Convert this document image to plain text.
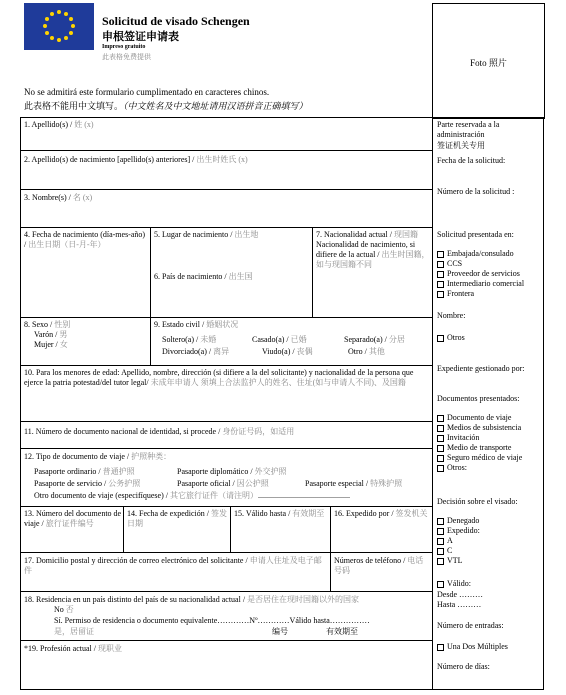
Solicitud de visado Schengen
申根签证申请表
Impreso gratuito
此表格免费提供
Foto 照片
No se admitirá este formulario cumplimentado en caracteres chinos.
此表格不能用中文填写。（中文姓名及中文地址请用汉语拼音正确填写）
1. Apellido(s) / 姓 (x)
2. Apellido(s) de nacimiento [apellido(s) anteriores] / 出生时姓氏 (x)
3. Nombre(s) / 名 (x)
4. Fecha de nacimiento (día-mes-año) / 出生日期（日-月-年）
5. Lugar de nacimiento / 出生地
6. País de nacimiento / 出生国
7. Nacionalidad actual / 现国籍
Nacionalidad de nacimiento, si difiere de la actual / 出生时国籍，如与现国籍不同
8. Sexo / 性别
Varón / 男
Mujer / 女
9. Estado civil / 婚姻状况
Soltero(a) / 未婚	Casado(a) / 已婚	Separado(a) / 分居
Divorciado(a) / 离异	Viudo(a) / 丧偶	Otro / 其他
10. Para los menores de edad: Apellido, nombre, dirección (si difiere a la del solicitante) y nacionalidad de la persona que ejerce la patria potestad/del tutor legal/ 未成年申请人 须填上合法监护人的姓名、住址(如与申请人不同)、及国籍
11. Número de documento nacional de identidad, si procede / 身份证号码，如适用
12. Tipo de documento de viaje / 护照种类：
Pasaporte ordinario / 普通护照	Pasaporte diplomático / 外交护照
Pasaporte de servicio / 公务护照	Pasaporte oficial / 因公护照	Pasaporte especial / 特殊护照
Otro documento de viaje (especifíquese) / 其它旅行证件（请注明）..............................................
13. Número del documento de viaje / 旅行证件编号
14. Fecha de expedición / 签发日期
15. Válido hasta / 有效期至	16. Expedido por / 签发机关
17. Domicilio postal y dirección de correo electrónico del solicitante / 申请人住址及电子邮件
Números de teléfono / 电话号码
18. Residencia en un país distinto del país de su nacionalidad actual / 是否居住在现时国籍以外的国家
No 否
Sí. Permiso de residencia o documento equivalente…………Nº…………Válido hasta……………
是，居留证	编号	有效期至
*19. Profesión actual / 现职业
Parte reservada a la administración
签证机关专用
Fecha de la solicitud:
Número de la solicitud :
Solicitud presentada en:
Embajada/consulado
CCS
Proveedor de servicios
Intermediario comercial
Frontera
Nombre:
Otros
Expediente gestionado por:
Documentos presentados:
Documento de viaje
Medios de subsistencia
Invitación
Medio de transporte
Seguro médico de viaje
Otros:
Decisión sobre el visado:
Denegado
Expedido:
A
C
VTL
Válido:
Desde ………
Hasta ………
Número de entradas:
Una Dos Múltiples
Número de días:
